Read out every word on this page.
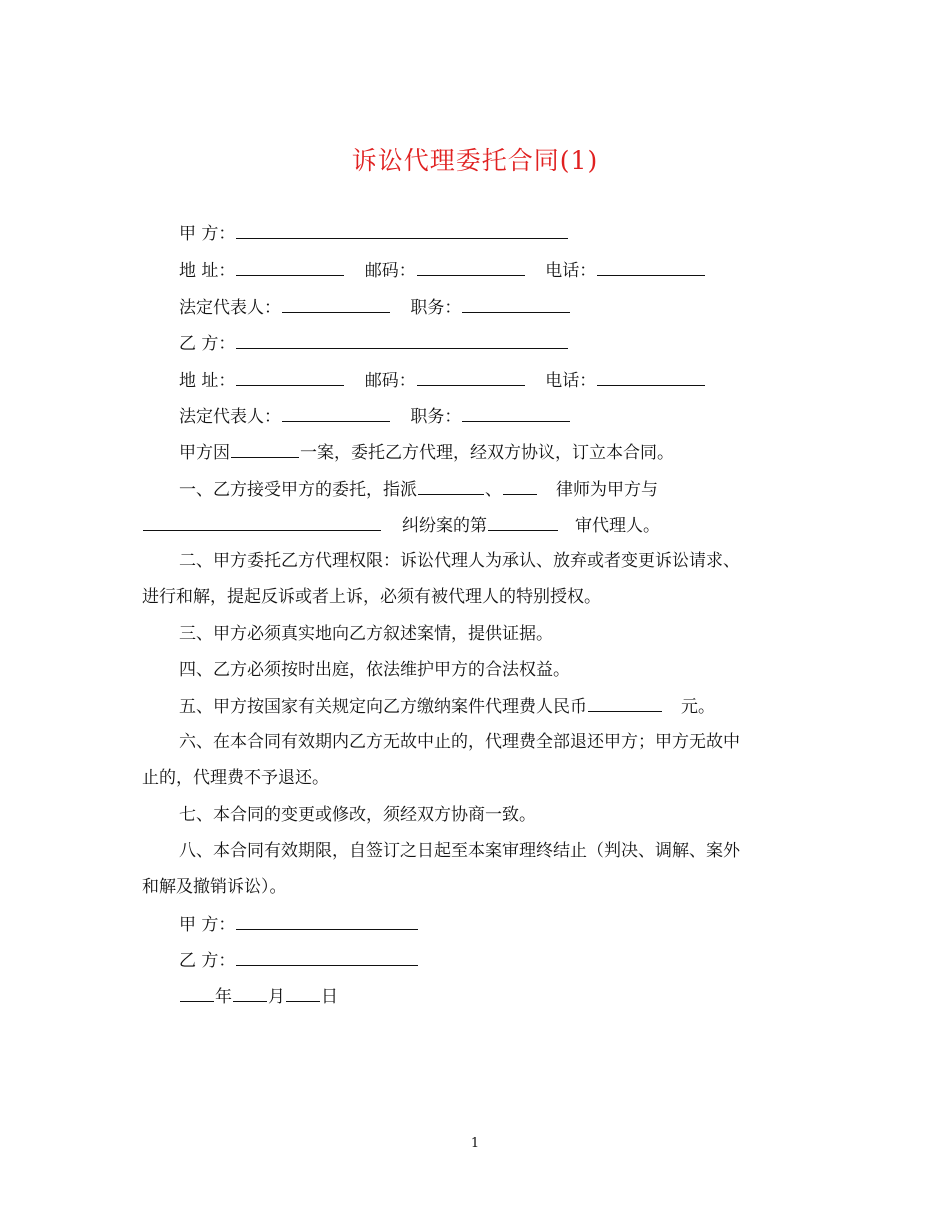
诉讼代理委托合同(1)
甲 方：
地 址：	邮码：	电话：
法定代表人：	职务：
乙 方：
地 址：	邮码：	电话：
法定代表人：	职务：
甲方因	一案，委托乙方代理，经双方协议，订立本合同。
一、乙方接受甲方的委托，指派	、	律师为甲方与
纠纷案的第	审代理人。
二、甲方委托乙方代理权限：诉讼代理人为承认、放弃或者变更诉讼请求、
进行和解，提起反诉或者上诉，必须有被代理人的特别授权。
三、甲方必须真实地向乙方叙述案情，提供证据。
四、乙方必须按时出庭，依法维护甲方的合法权益。
五、甲方按国家有关规定向乙方缴纳案件代理费人民币	元。
六、在本合同有效期内乙方无故中止的，代理费全部退还甲方；甲方无故中
止的，代理费不予退还。
七、本合同的变更或修改，须经双方协商一致。
八、本合同有效期限，自签订之日起至本案审理终结止（判决、调解、案外
和解及撤销诉讼）。
甲 方：
乙 方：
年 月 日
1
